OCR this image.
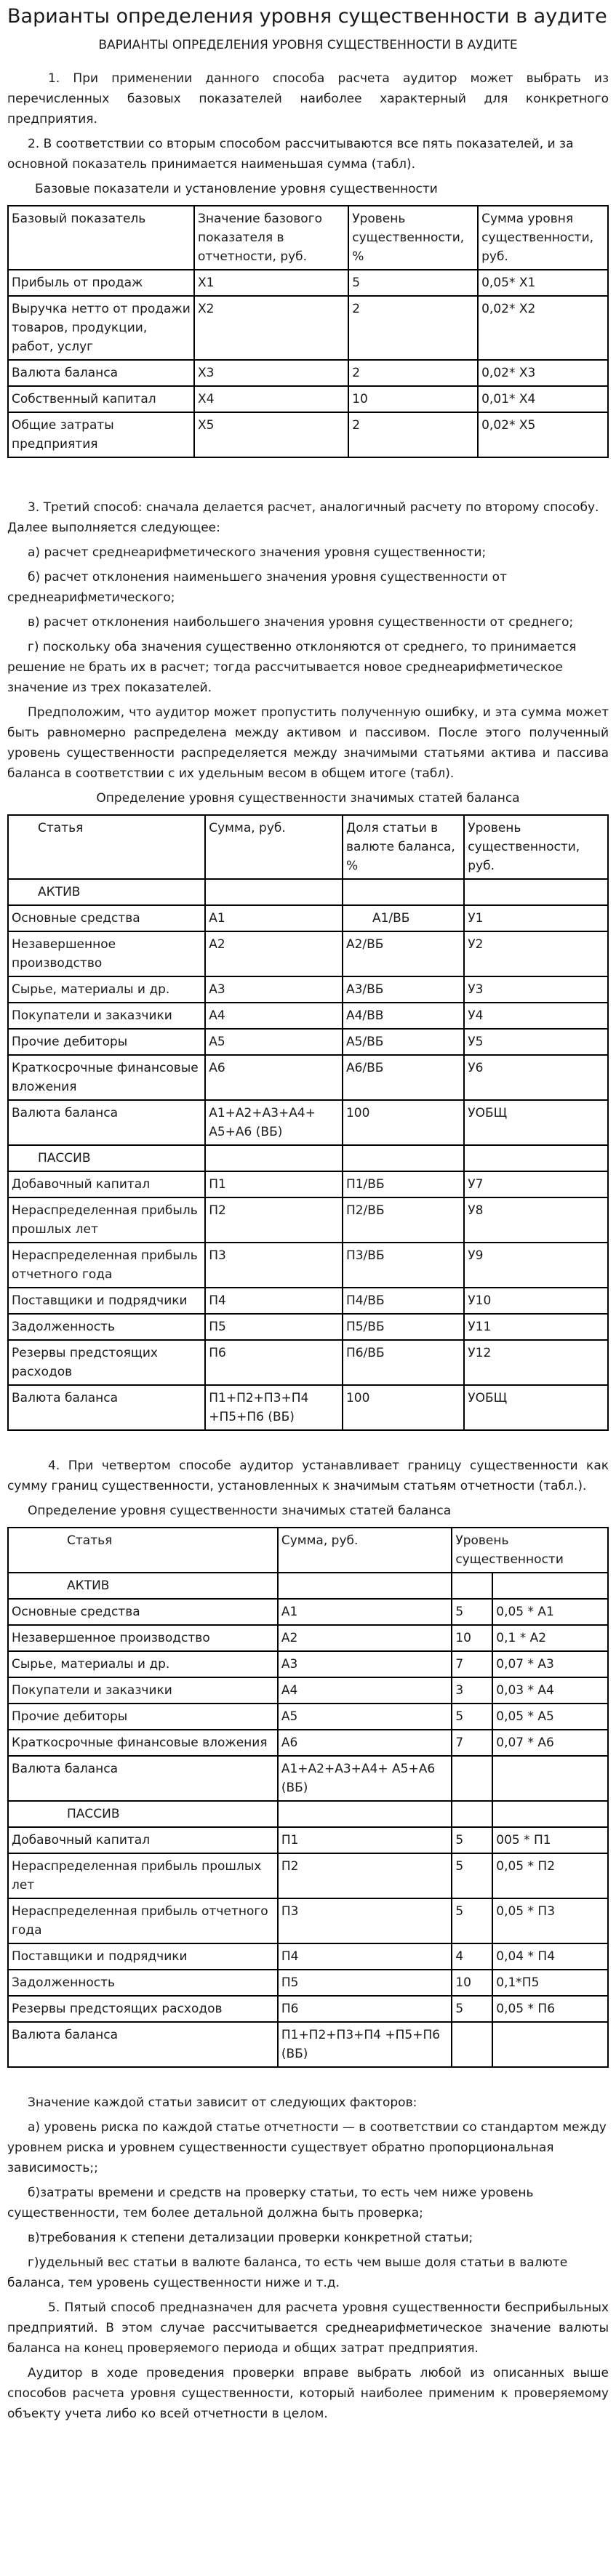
Варианты определения уровня существенности в аудите
ВАРИАНТЫ ОПРЕДЕЛЕНИЯ УРОВНЯ СУЩЕСТВЕННОСТИ В АУДИТЕ

1. При применении данного способа расчета аудитор может выбрать из перечисленных базовых показателей наиболее характерный для конкретного предприятия.

2. В соответствии со вторым способом рассчитываются все пять показателей, и за основной показатель принимается наименьшая сумма (табл).

Базовые показатели и установление уровня существенности

Базовый показатель	Значение базового показателя в отчетности, руб.	Уровень существенности, %	Сумма уровня существенности, руб.
Прибыль от продаж	X1	5	0,05* X1
Выручка нетто от продажи товаров, продукции, работ, услуг	X2	2	0,02* X2
Валюта баланса	X3	2	0,02* X3
Собственный капитал	X4	10	0,01* X4
Общие затраты предприятия	X5	2	0,02* X5

3. Третий способ: сначала делается расчет, аналогичный расчету по второму способу. Далее выполняется следующее:

а) расчет среднеарифметического значения уровня существенности;

б) расчет отклонения наименьшего значения уровня существенности от среднеарифметического;

в) расчет отклонения наибольшего значения уровня существенности от среднего;

г) поскольку оба значения существенно отклоняются от среднего, то принимается решение не брать их в расчет; тогда рассчитывается новое среднеарифметическое значение из трех показателей.

Предположим, что аудитор может пропустить полученную ошибку, и эта сумма может быть равномерно распределена между активом и пассивом. После этого полученный уровень существенности распределяется между значимыми статьями актива и пассива баланса в соответствии с их удельным весом в общем итоге (табл).

Определение уровня существенности значимых статей баланса

Статья	Сумма, руб.	Доля статьи в валюте баланса, %	Уровень существенности, руб.
АКТИВ			
Основные средства	A1	A1/ВБ	У1
Незавершенное производство	A2	A2/ВБ	У2
Сырье, материалы и др.	A3	A3/ВБ	У3
Покупатели и заказчики	A4	A4/ВВ	У4
Прочие дебиторы	A5	A5/ВБ	У5
Краткосрочные финансовые вложения	A6	A6/ВБ	У6
Валюта баланса	A1+A2+A3+A4+ A5+A6 (ВБ)	100	УОБЩ
ПАССИВ			
Добавочный капитал	П1	П1/ВБ	У7
Нераспределенная прибыль прошлых лет	П2	П2/ВБ	У8
Нераспределенная прибыль отчетного года	П3	П3/ВБ	У9
Поставщики и подрядчики	П4	П4/ВБ	У10
Задолженность	П5	П5/ВБ	У11
Резервы предстоящих расходов	П6	П6/ВБ	У12
Валюта баланса	П1+П2+П3+П4 +П5+П6 (ВБ)	100	УОБЩ

4. При четвертом способе аудитор устанавливает границу существенности как сумму границ существенности, установленных к значимым статьям отчетности (табл.).

Определение уровня существенности значимых статей баланса

Статья	Сумма, руб.	Уровень существенности	
АКТИВ			
Основные средства	A1	5	0,05 * A1
Незавершенное производство	A2	10	0,1 * A2
Сырье, материалы и др.	A3	7	0,07 * A3
Покупатели и заказчики	A4	3	0,03 * A4
Прочие дебиторы	A5	5	0,05 * A5
Краткосрочные финансовые вложения	A6	7	0,07 * A6
Валюта баланса	A1+A2+A3+A4+ A5+A6 (ВБ)		
ПАССИВ			
Добавочный капитал	П1	5	005 * П1
Нераспределенная прибыль прошлых лет	П2	5	0,05 * П2
Нераспределенная прибыль отчетного года	П3	5	0,05 * П3
Поставщики и подрядчики	П4	4	0,04 * П4
Задолженность	П5	10	0,1*П5
Резервы предстоящих расходов	П6	5	0,05 * П6
Валюта баланса	П1+П2+П3+П4 +П5+П6 (ВБ)		

Значение каждой статьи зависит от следующих факторов:

а) уровень риска по каждой статье отчетности — в соответствии со стандартом между уровнем риска и уровнем существенности существует обратно пропорциональная зависимость;;

б)затраты времени и средств на проверку статьи, то есть чем ниже уровень существенности, тем более детальной должна быть проверка;

в)требования к степени детализации проверки конкретной статьи;

г)удельный вес статьи в валюте баланса, то есть чем выше доля статьи в валюте баланса, тем уровень существенности ниже и т.д.

5. Пятый способ предназначен для расчета уровня существенности бесприбыльных предприятий. В этом случае рассчитывается среднеарифметическое значение валюты баланса на конец проверяемого периода и общих затрат предприятия.

Аудитор в ходе проведения проверки вправе выбрать любой из описанных выше способов расчета уровня существенности, который наиболее применим к проверяемому объекту учета либо ко всей отчетности в целом.
